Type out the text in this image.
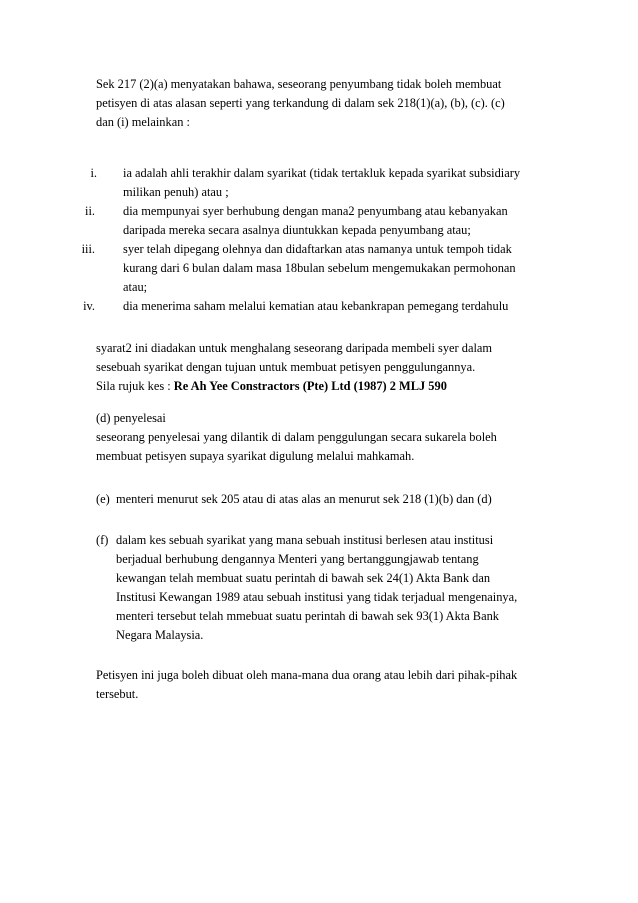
Sek 217 (2)(a) menyatakan bahawa, seseorang penyumbang tidak boleh membuat

petisyen di atas alasan seperti yang terkandung di dalam sek 218(1)(a), (b), (c). (c)

dan (i) melainkan :

i. ia adalah ahli terakhir dalam syarikat (tidak tertakluk kepada syarikat subsidiary

milikan penuh) atau ;

ii. dia mempunyai syer berhubung dengan mana2 penyumbang atau kebanyakan

daripada mereka secara asalnya diuntukkan kepada penyumbang atau;

iii. syer telah dipegang olehnya dan didaftarkan atas namanya untuk tempoh tidak

kurang dari 6 bulan dalam masa 18bulan sebelum mengemukakan permohonan

atau;

iv. dia menerima saham melalui kematian atau kebankrapan pemegang terdahulu

syarat2 ini diadakan untuk menghalang seseorang daripada membeli syer dalam

sesebuah syarikat dengan tujuan untuk membuat petisyen penggulungannya.

Sila rujuk kes : Re Ah Yee Constractors (Pte) Ltd (1987) 2 MLJ 590

(d) penyelesai

seseorang penyelesai yang dilantik di dalam penggulungan secara sukarela boleh

membuat petisyen supaya syarikat digulung melalui mahkamah.

(e) menteri menurut sek 205 atau di atas alas an menurut sek 218 (1)(b) dan (d)

(f) dalam kes sebuah syarikat yang mana sebuah institusi berlesen atau institusi

berjadual berhubung dengannya Menteri yang bertanggungjawab tentang

kewangan telah membuat suatu perintah di bawah sek 24(1) Akta Bank dan

Institusi Kewangan 1989 atau sebuah institusi yang tidak terjadual mengenainya,

menteri tersebut telah mmebuat suatu perintah di bawah sek 93(1) Akta Bank

Negara Malaysia.

Petisyen ini juga boleh dibuat oleh mana-mana dua orang atau lebih dari pihak-pihak

tersebut.
